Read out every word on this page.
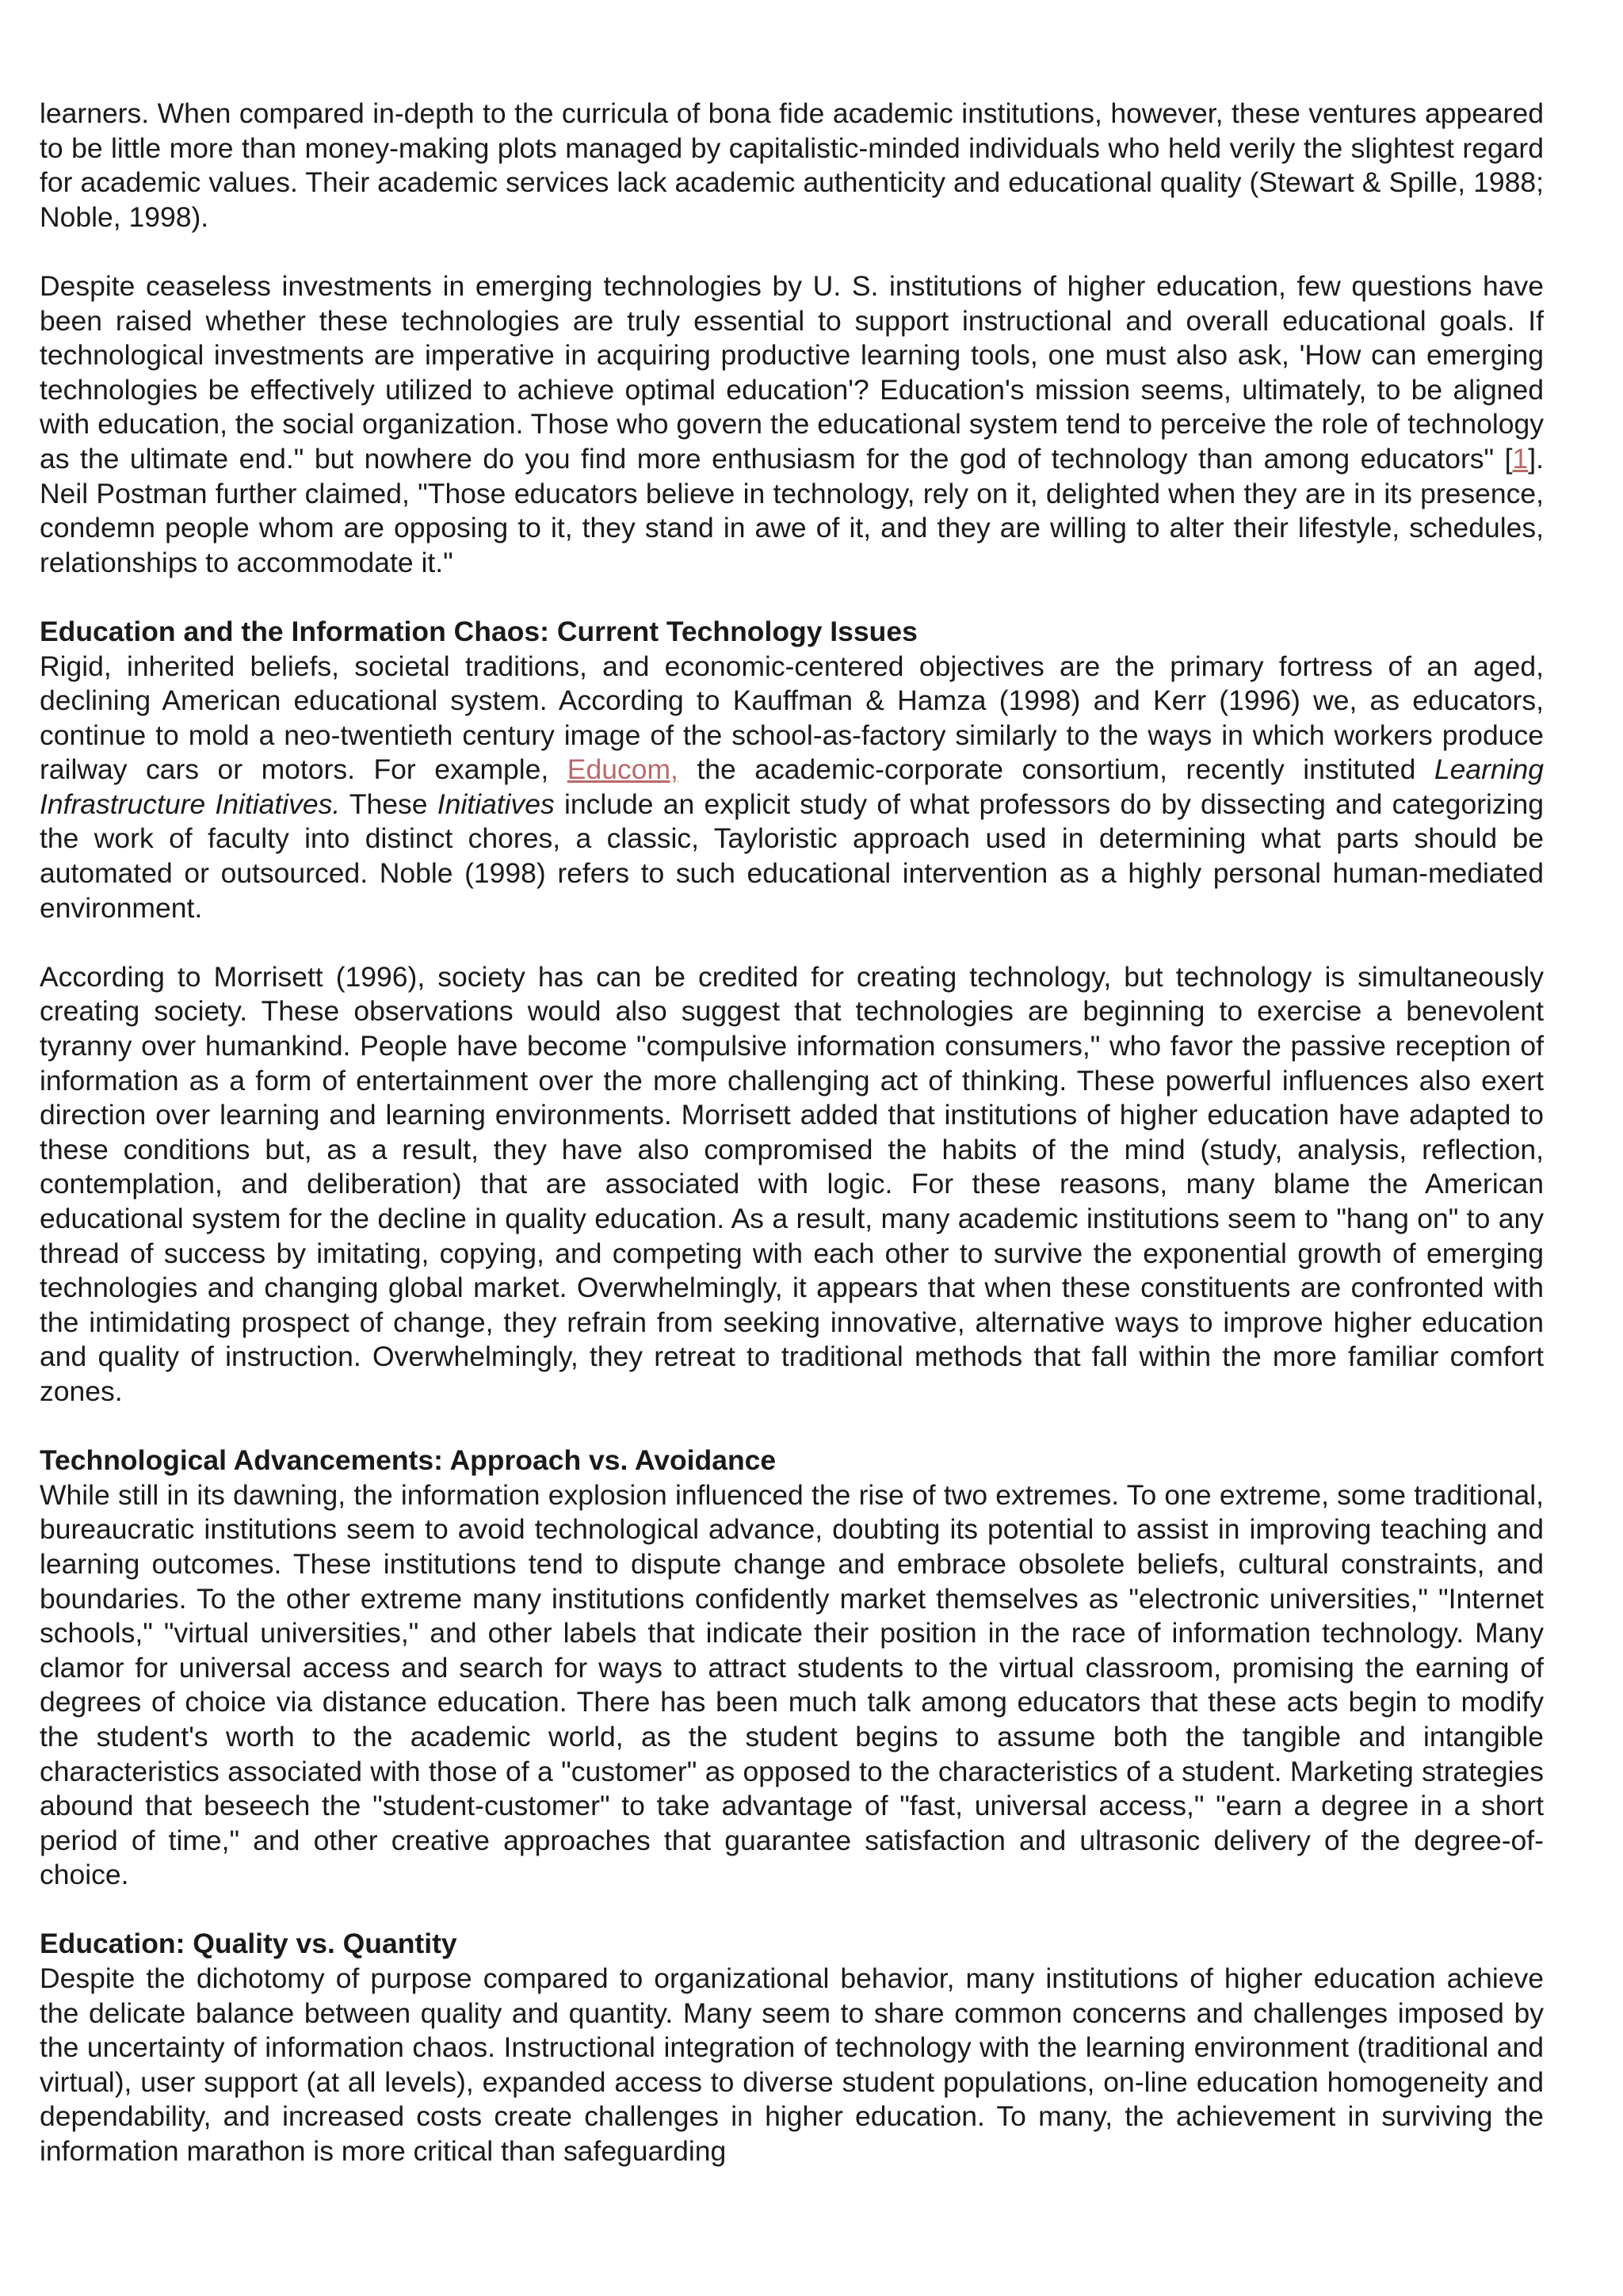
learners. When compared in-depth to the curricula of bona fide academic institutions, however, these ventures appeared to be little more than money-making plots managed by capitalistic-minded individuals who held verily the slightest regard for academic values. Their academic services lack academic authenticity and educational quality (Stewart & Spille, 1988; Noble, 1998).

Despite ceaseless investments in emerging technologies by U. S. institutions of higher education, few questions have been raised whether these technologies are truly essential to support instructional and overall educational goals. If technological investments are imperative in acquiring productive learning tools, one must also ask, 'How can emerging technologies be effectively utilized to achieve optimal education'? Education's mission seems, ultimately, to be aligned with education, the social organization. Those who govern the educational system tend to perceive the role of technology as the ultimate end." but nowhere do you find more enthusiasm for the god of technology than among educators" [1]. Neil Postman further claimed, "Those educators believe in technology, rely on it, delighted when they are in its presence, condemn people whom are opposing to it, they stand in awe of it, and they are willing to alter their lifestyle, schedules, relationships to accommodate it."

Education and the Information Chaos: Current Technology Issues

Rigid, inherited beliefs, societal traditions, and economic-centered objectives are the primary fortress of an aged, declining American educational system. According to Kauffman & Hamza (1998) and Kerr (1996) we, as educators, continue to mold a neo-twentieth century image of the school-as-factory similarly to the ways in which workers produce railway cars or motors. For example, Educom, the academic-corporate consortium, recently instituted Learning Infrastructure Initiatives. These Initiatives include an explicit study of what professors do by dissecting and categorizing the work of faculty into distinct chores, a classic, Tayloristic approach used in determining what parts should be automated or outsourced. Noble (1998) refers to such educational intervention as a highly personal human-mediated environment.

According to Morrisett (1996), society has can be credited for creating technology, but technology is simultaneously creating society. These observations would also suggest that technologies are beginning to exercise a benevolent tyranny over humankind. People have become "compulsive information consumers," who favor the passive reception of information as a form of entertainment over the more challenging act of thinking. These powerful influences also exert direction over learning and learning environments. Morrisett added that institutions of higher education have adapted to these conditions but, as a result, they have also compromised the habits of the mind (study, analysis, reflection, contemplation, and deliberation) that are associated with logic. For these reasons, many blame the American educational system for the decline in quality education. As a result, many academic institutions seem to "hang on" to any thread of success by imitating, copying, and competing with each other to survive the exponential growth of emerging technologies and changing global market. Overwhelmingly, it appears that when these constituents are confronted with the intimidating prospect of change, they refrain from seeking innovative, alternative ways to improve higher education and quality of instruction. Overwhelmingly, they retreat to traditional methods that fall within the more familiar comfort zones.

Technological Advancements: Approach vs. Avoidance

While still in its dawning, the information explosion influenced the rise of two extremes. To one extreme, some traditional, bureaucratic institutions seem to avoid technological advance, doubting its potential to assist in improving teaching and learning outcomes. These institutions tend to dispute change and embrace obsolete beliefs, cultural constraints, and boundaries. To the other extreme many institutions confidently market themselves as "electronic universities," "Internet schools," "virtual universities," and other labels that indicate their position in the race of information technology. Many clamor for universal access and search for ways to attract students to the virtual classroom, promising the earning of degrees of choice via distance education. There has been much talk among educators that these acts begin to modify the student's worth to the academic world, as the student begins to assume both the tangible and intangible characteristics associated with those of a "customer" as opposed to the characteristics of a student. Marketing strategies abound that beseech the "student-customer" to take advantage of "fast, universal access," "earn a degree in a short period of time," and other creative approaches that guarantee satisfaction and ultrasonic delivery of the degree-of-choice.

Education: Quality vs. Quantity

Despite the dichotomy of purpose compared to organizational behavior, many institutions of higher education achieve the delicate balance between quality and quantity. Many seem to share common concerns and challenges imposed by the uncertainty of information chaos. Instructional integration of technology with the learning environment (traditional and virtual), user support (at all levels), expanded access to diverse student populations, on-line education homogeneity and dependability, and increased costs create challenges in higher education. To many, the achievement in surviving the information marathon is more critical than safeguarding
